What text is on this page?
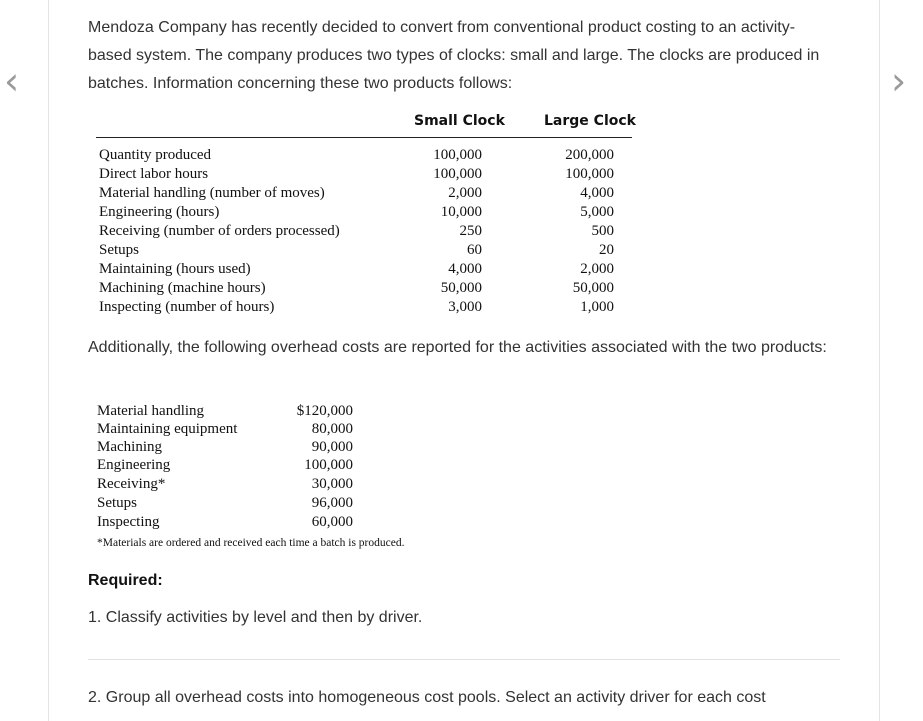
‹	›

Mendoza Company has recently decided to convert from conventional product costing to an activity-based system. The company produces two types of clocks: small and large. The clocks are produced in batches. Information concerning these two products follows:

Small Clock	Large Clock
Quantity produced	100,000	200,000
Direct labor hours	100,000	100,000
Material handling (number of moves)	2,000	4,000
Engineering (hours)	10,000	5,000
Receiving (number of orders processed)	250	500
Setups	60	20
Maintaining (hours used)	4,000	2,000
Machining (machine hours)	50,000	50,000
Inspecting (number of hours)	3,000	1,000

Additionally, the following overhead costs are reported for the activities associated with the two products:

Material handling	$120,000
Maintaining equipment	80,000
Machining	90,000
Engineering	100,000
Receiving*	30,000
Setups	96,000
Inspecting	60,000
*Materials are ordered and received each time a batch is produced.
Required:
1. Classify activities by level and then by driver.
2. Group all overhead costs into homogeneous cost pools. Select an activity driver for each cost
